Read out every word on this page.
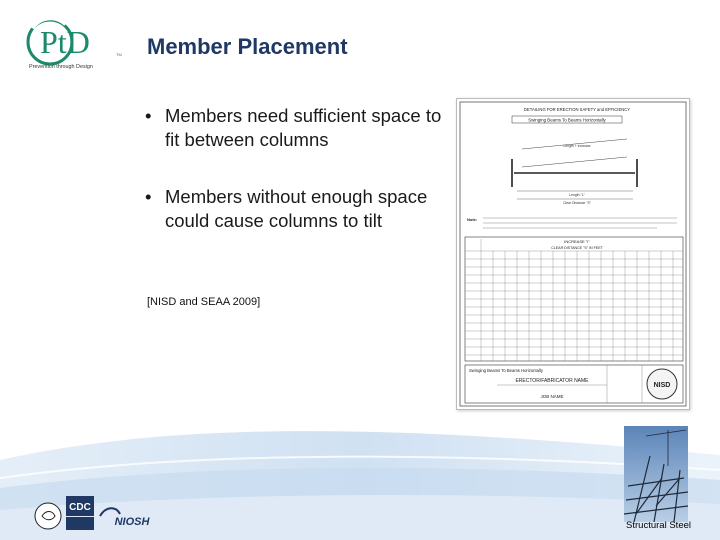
PtD	TM
Prevention through Design
Member Placement
• Members need sufficient space to fit between columns
• Members without enough space could cause columns to tilt
[NISD and SEAA 2009]
DETAILING FOR ERECTION SAFETY and EFFICIENCY
Swinging Beams To Beams Horizontally
Length "L"
Clear Distance "S"
Length + increase
Note:
INCREASE "I"
CLEAR DISTANCE "S" IN FEET
Swinging Beams To Beams Horizontally
ERECTOR/FABRICATOR NAME
JOB NAME
NISD
Structural Steel
CDC
NIOSH
